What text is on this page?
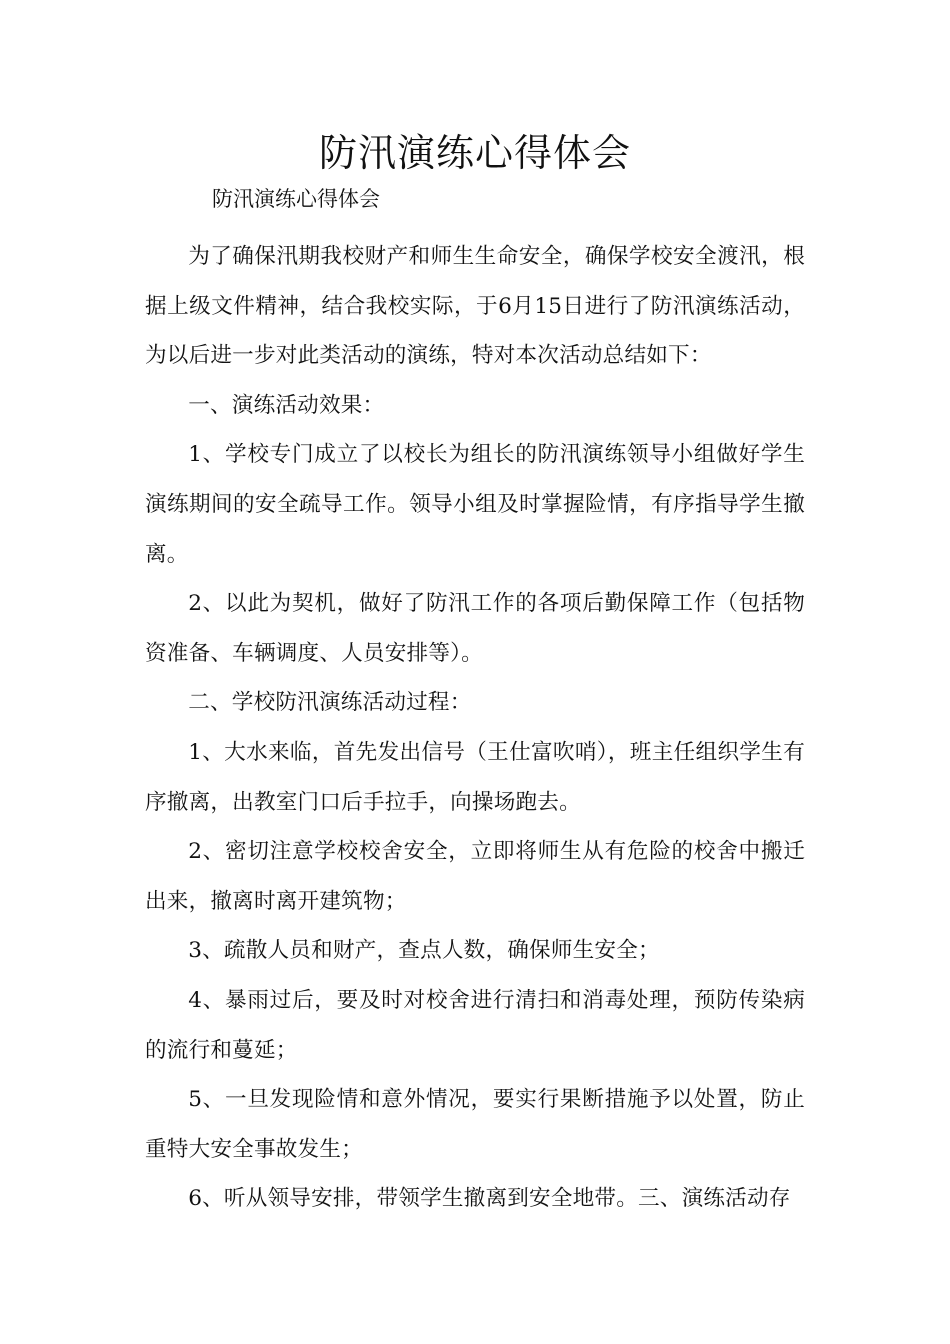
防汛演练心得体会
防汛演练心得体会

为了确保汛期我校财产和师生生命安全，确保学校安全渡汛，根据上级文件精神，结合我校实际，于6月15日进行了防汛演练活动，为以后进一步对此类活动的演练，特对本次活动总结如下：

一、演练活动效果：

1、学校专门成立了以校长为组长的防汛演练领导小组做好学生演练期间的安全疏导工作。领导小组及时掌握险情，有序指导学生撤离。

2、以此为契机，做好了防汛工作的各项后勤保障工作（包括物资准备、车辆调度、人员安排等）。

二、学校防汛演练活动过程：

1、大水来临，首先发出信号（王仕富吹哨），班主任组织学生有序撤离，出教室门口后手拉手，向操场跑去。

2、密切注意学校校舍安全，立即将师生从有危险的校舍中搬迁出来，撤离时离开建筑物；

3、疏散人员和财产，查点人数，确保师生安全；

4、暴雨过后，要及时对校舍进行清扫和消毒处理，预防传染病的流行和蔓延；

5、一旦发现险情和意外情况，要实行果断措施予以处置，防止重特大安全事故发生；

6、听从领导安排，带领学生撤离到安全地带。三、演练活动存
